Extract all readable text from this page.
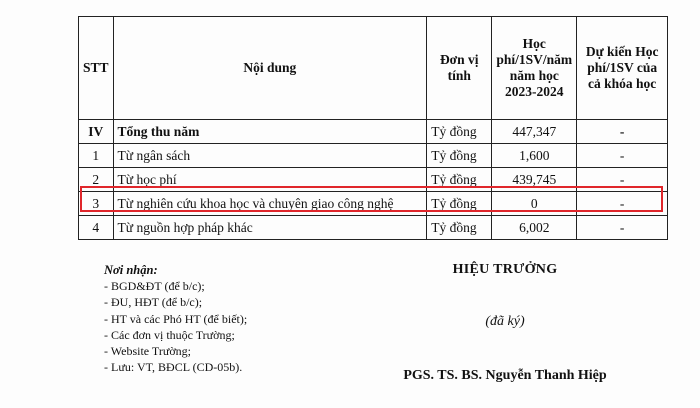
STT	Nội dung	Đơn vị tính	Học phí/1SV/năm năm học 2023-2024	Dự kiến Học phí/1SV của cả khóa học
IV	Tổng thu năm	Tỷ đồng	447,347	-
1	Từ ngân sách	Tỷ đồng	1,600	-
2	Từ học phí	Tỷ đồng	439,745	-
3	Từ nghiên cứu khoa học và chuyên giao công nghệ	Tỷ đồng	0	-
4	Từ nguồn hợp pháp khác	Tỷ đồng	6,002	-
Nơi nhận:
- BGD&ĐT (để b/c);
- ĐU, HĐT (để b/c);
- HT và các Phó HT (để biết);
- Các đơn vị thuộc Trường;
- Website Trường;
- Lưu: VT, BĐCL (CD-05b).
HIỆU TRƯỞNG
(đã ký)
PGS. TS. BS. Nguyễn Thanh Hiệp
